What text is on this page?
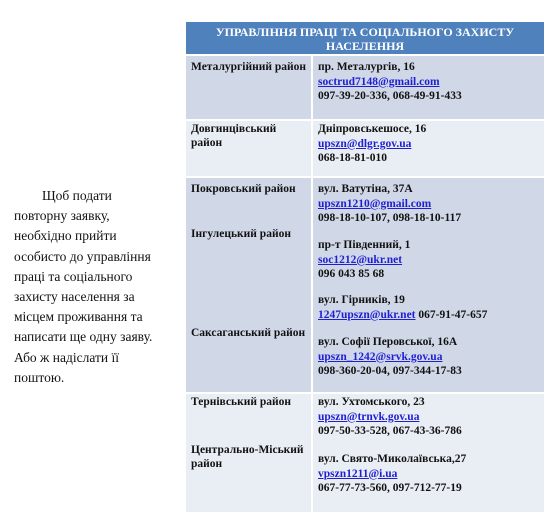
Щоб подати
повторну заявку,
необхідно прийти
особисто до управління
праці та соціального
захисту населення за
місцем проживання та
написати ще одну заяву.
Або ж надіслати її
поштою.
УПРАВЛІННЯ ПРАЦІ ТА СОЦІАЛЬНОГО ЗАХИСТУ
НАСЕЛЕННЯ
Металургійний район
Довгинцівський район
Покровський район
Інгулецький район
Саксаганський район
Тернівський район
Центрально-Міський район
пр. Металургів, 16
soctrud7148@gmail.com
097-39-20-336, 068-49-91-433
Дніпровськешосе, 16
upszn@dlgr.gov.ua
068-18-81-010
вул. Ватутіна, 37А
upszn1210@gmail.com
098-18-10-107, 098-18-10-117
пр-т Південний, 1
soc1212@ukr.net
096 043 85 68
вул. Гірників, 19
1247upszn@ukr.net 067-91-47-657
вул. Софії Перовської, 16А
upszn_1242@srvk.gov.ua
098-360-20-04, 097-344-17-83
вул. Ухтомського, 23
upszn@trnvk.gov.ua
097-50-33-528, 067-43-36-786
вул. Свято-Миколаївська,27
vpszn1211@i.ua
067-77-73-560, 097-712-77-19
